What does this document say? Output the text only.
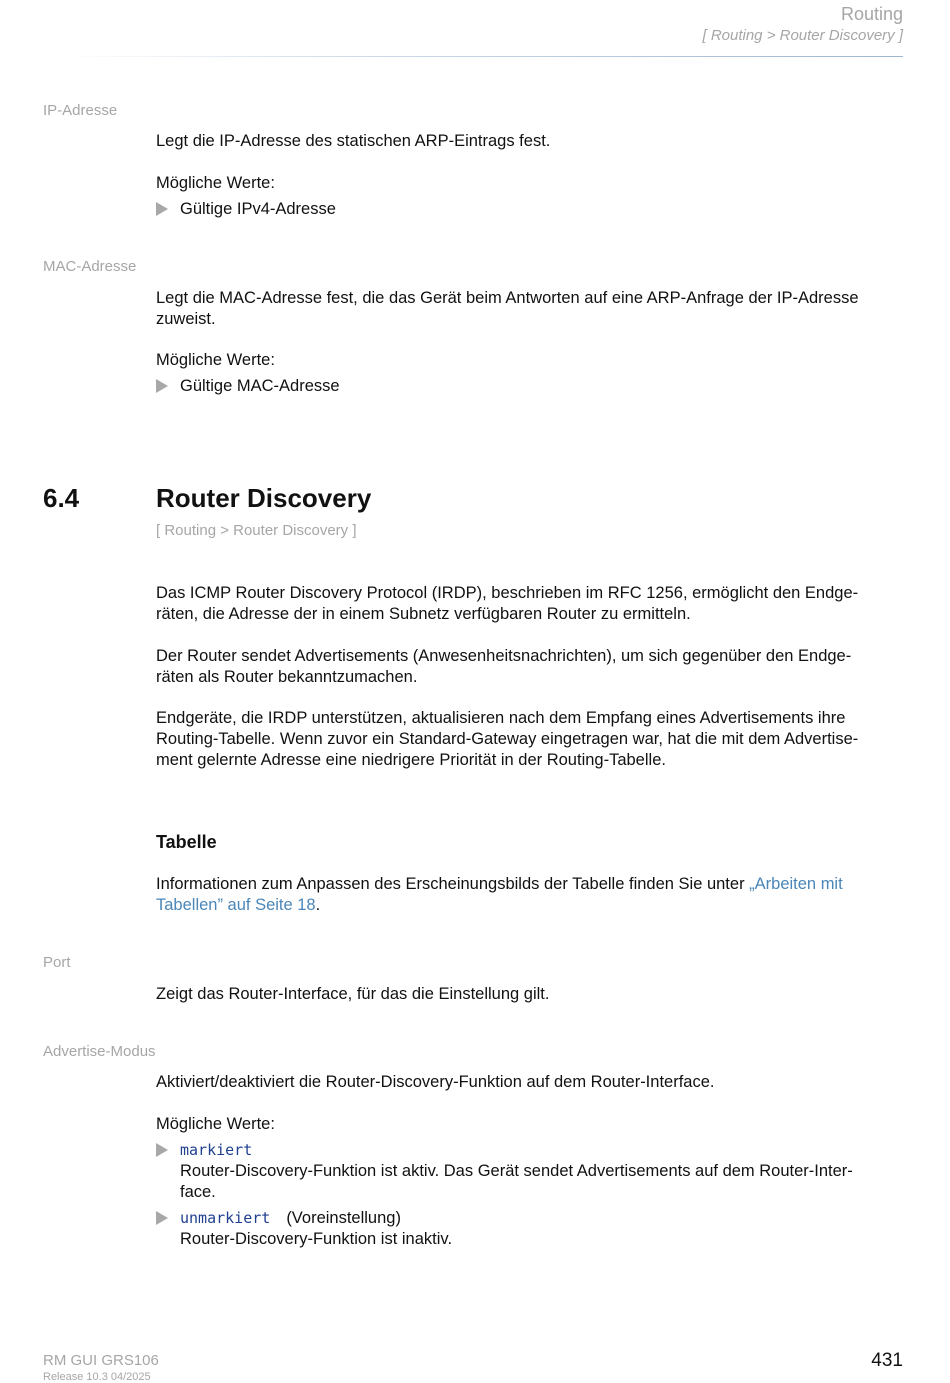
Routing
[ Routing > Router Discovery ]
IP-Adresse
Legt die IP-Adresse des statischen ARP-Eintrags fest.
Mögliche Werte:
Gültige IPv4-Adresse
MAC-Adresse
Legt die MAC-Adresse fest, die das Gerät beim Antworten auf eine ARP-Anfrage der IP-Adresse
zuweist.
Mögliche Werte:
Gültige MAC-Adresse
6.4	Router Discovery
[ Routing > Router Discovery ]
Das ICMP Router Discovery Protocol (IRDP), beschrieben im RFC 1256, ermöglicht den Endge-
räten, die Adresse der in einem Subnetz verfügbaren Router zu ermitteln.
Der Router sendet Advertisements (Anwesenheitsnachrichten), um sich gegenüber den Endge-
räten als Router bekanntzumachen.
Endgeräte, die IRDP unterstützen, aktualisieren nach dem Empfang eines Advertisements ihre
Routing-Tabelle. Wenn zuvor ein Standard-Gateway eingetragen war, hat die mit dem Advertise-
ment gelernte Adresse eine niedrigere Priorität in der Routing-Tabelle.
Tabelle
Informationen zum Anpassen des Erscheinungsbilds der Tabelle finden Sie unter „Arbeiten mit
Tabellen” auf Seite 18.
Port
Zeigt das Router-Interface, für das die Einstellung gilt.
Advertise-Modus
Aktiviert/deaktiviert die Router-Discovery-Funktion auf dem Router-Interface.
Mögliche Werte:
markiert
Router-Discovery-Funktion ist aktiv. Das Gerät sendet Advertisements auf dem Router-Inter-
face.
unmarkiert (Voreinstellung)
Router-Discovery-Funktion ist inaktiv.
RM GUI GRS106
Release 10.3 04/2025
431
